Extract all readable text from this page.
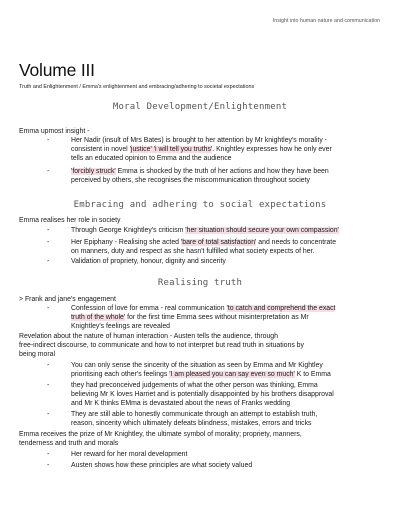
Insight into human nature and communication
Volume III
Truth and Enlightenment / Emma's enlightenment and embracing/adhering to societal expectations
Moral Development/Enlightenment
Emma upmost insight -
-	Her Nadir (insult of Mrs Bates) is brought to her attention by Mr knightley's morality -
consistent in novel 'justice' 'i will tell you truths'. Knightley expresses how he only ever
tells an educated opinion to Emma and the audience
-	'forcibly struck' Emma is shocked by the truth of her actions and how they have been
perceived by others, she recognises the miscommunication throughout society
Embracing and adhering to social expectations
Emma realises her role in society
-	Through George Knightley's criticism 'her situation should secure your own compassion'
-	Her Epiphany - Realising she acted 'bare of total satisfaction' and needs to concentrate
on manners, duty and respect as she hasn't fulfilled what society expects of her.
-	Validation of propriety, honour, dignity and sincerity
Realising truth
> Frank and jane's engagement
-	Confession of love for emma - real communication 'to catch and comprehend the exact
truth of the whole' for the first time Emma sees without misinterpretation as Mr
Knightley's feelings are revealed
Revelation about the nature of human interaction - Austen tells the audience, through
free-indirect discourse, to communicate and how to not interpret but read truth in situations by
being moral
-	You can only sense the sincerity of the situation as seen by Emma and Mr Kightley
prioritising each other's feelings 'I am pleased you can say even so much' K to Emma
-	they had preconceived judgements of what the other person was thinking, Emma
believing Mr K loves Harriet and is potentially disappointed by his brothers disapproval
and Mr K thinks EMma is devastated about the news of Franks wedding
-	They are still able to honestly communicate through an attempt to establish truth,
reason, sincerity which ultimately defeats blindness, mistakes, errors and tricks
Emma receives the prize of Mr Knightley, the ultimate symbol of morality; propriety, manners,
tenderness and truth and morals
-	Her reward for her moral development
-	Austen shows how these principles are what society valued
